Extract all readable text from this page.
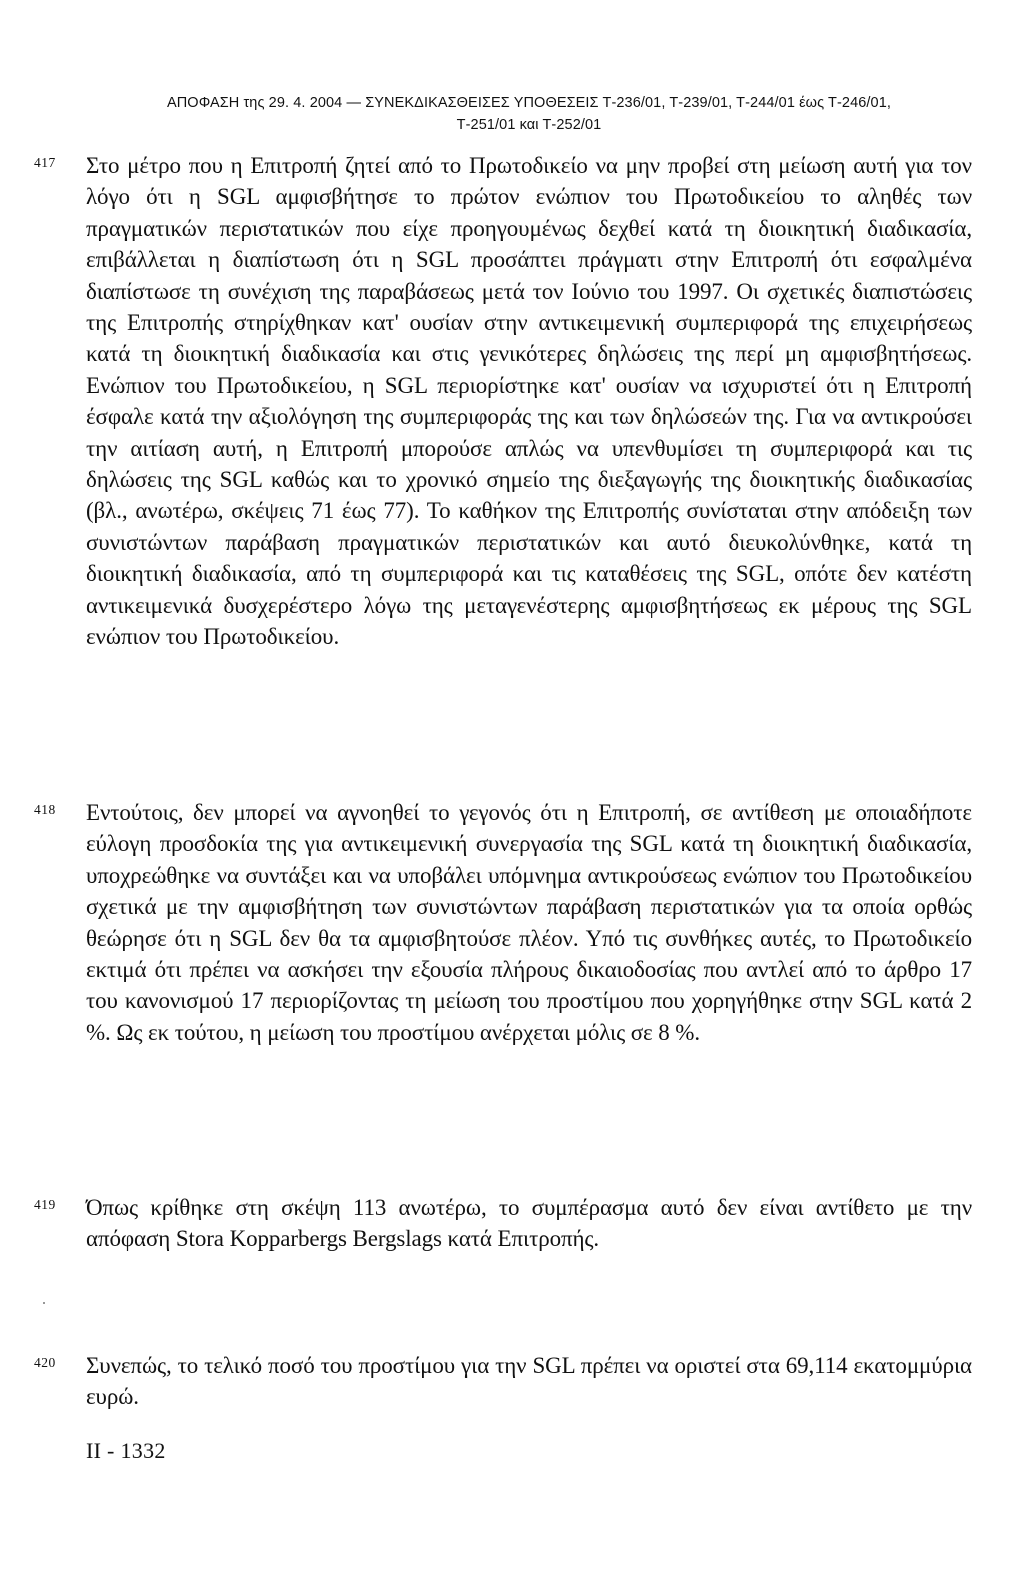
ΑΠΟΦΑΣΗ της 29. 4. 2004 — ΣΥΝΕΚΔΙΚΑΣΘΕΙΣΕΣ ΥΠΟΘΕΣΕΙΣ Τ-236/01, Τ-239/01, Τ-244/01 έως Τ-246/01,
Τ-251/01 και Τ-252/01
417 Στο μέτρο που η Επιτροπή ζητεί από το Πρωτοδικείο να μην προβεί στη μείωση αυτή για τον λόγο ότι η SGL αμφισβήτησε το πρώτον ενώπιον του Πρωτοδικείου το αληθές των πραγματικών περιστατικών που είχε προηγουμένως δεχθεί κατά τη διοικητική διαδικασία, επιβάλλεται η διαπίστωση ότι η SGL προσάπτει πράγματι στην Επιτροπή ότι εσφαλμένα διαπίστωσε τη συνέχιση της παραβάσεως μετά τον Ιούνιο του 1997. Οι σχετικές διαπιστώσεις της Επιτροπής στηρίχθηκαν κατ' ουσίαν στην αντικειμενική συμπεριφορά της επιχειρήσεως κατά τη διοικητική διαδικασία και στις γενικότερες δηλώσεις της περί μη αμφισβητήσεως. Ενώπιον του Πρωτοδικείου, η SGL περιορίστηκε κατ' ουσίαν να ισχυριστεί ότι η Επιτροπή έσφαλε κατά την αξιολόγηση της συμπεριφοράς της και των δηλώσεών της. Για να αντικρούσει την αιτίαση αυτή, η Επιτροπή μπορούσε απλώς να υπενθυμίσει τη συμπεριφορά και τις δηλώσεις της SGL καθώς και το χρονικό σημείο της διεξαγωγής της διοικητικής διαδικασίας (βλ., ανωτέρω, σκέψεις 71 έως 77). Το καθήκον της Επιτροπής συνίσταται στην απόδειξη των συνιστώντων παράβαση πραγματικών περιστατικών και αυτό διευκολύνθηκε, κατά τη διοικητική διαδικασία, από τη συμπεριφορά και τις καταθέσεις της SGL, οπότε δεν κατέστη αντικειμενικά δυσχερέστερο λόγω της μεταγενέστερης αμφισβητήσεως εκ μέρους της SGL ενώπιον του Πρωτοδικείου.

418 Εντούτοις, δεν μπορεί να αγνοηθεί το γεγονός ότι η Επιτροπή, σε αντίθεση με οποιαδήποτε εύλογη προσδοκία της για αντικειμενική συνεργασία της SGL κατά τη διοικητική διαδικασία, υποχρεώθηκε να συντάξει και να υποβάλει υπόμνημα αντικρούσεως ενώπιον του Πρωτοδικείου σχετικά με την αμφισβήτηση των συνιστώντων παράβαση περιστατικών για τα οποία ορθώς θεώρησε ότι η SGL δεν θα τα αμφισβητούσε πλέον. Υπό τις συνθήκες αυτές, το Πρωτοδικείο εκτιμά ότι πρέπει να ασκήσει την εξουσία πλήρους δικαιοδοσίας που αντλεί από το άρθρο 17 του κανονισμού 17 περιορίζοντας τη μείωση του προστίμου που χορηγήθηκε στην SGL κατά 2 %. Ως εκ τούτου, η μείωση του προστίμου ανέρχεται μόλις σε 8 %.

419 Όπως κρίθηκε στη σκέψη 113 ανωτέρω, το συμπέρασμα αυτό δεν είναι αντίθετο με την απόφαση Stora Kopparbergs Bergslags κατά Επιτροπής.

420 Συνεπώς, το τελικό ποσό του προστίμου για την SGL πρέπει να οριστεί στα 69,114 εκατομμύρια ευρώ.

II - 1332
